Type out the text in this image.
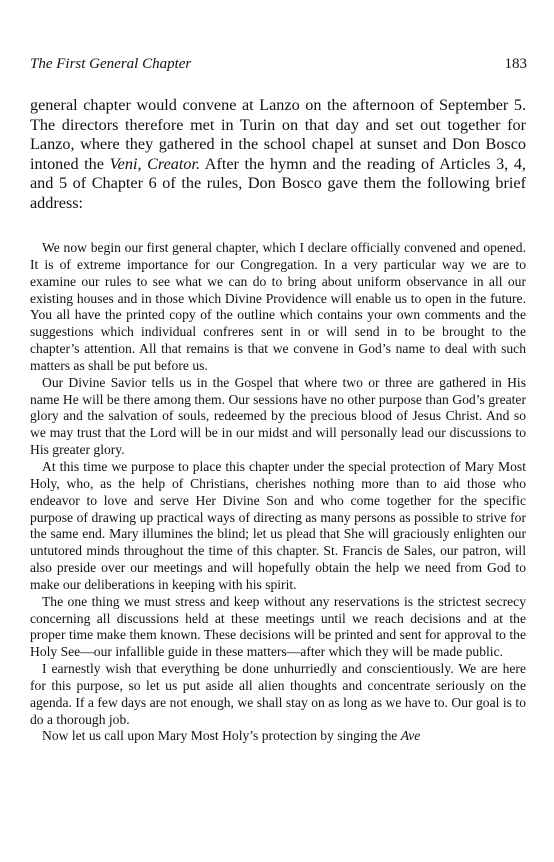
The First General Chapter	183

general chapter would convene at Lanzo on the afternoon of September 5. The directors therefore met in Turin on that day and set out together for Lanzo, where they gathered in the school chapel at sunset and Don Bosco intoned the Veni, Creator. After the hymn and the reading of Articles 3, 4, and 5 of Chapter 6 of the rules, Don Bosco gave them the following brief address:

We now begin our first general chapter, which I declare officially convened and opened. It is of extreme importance for our Congregation. In a very particular way we are to examine our rules to see what we can do to bring about uniform observance in all our existing houses and in those which Divine Providence will enable us to open in the future. You all have the printed copy of the outline which contains your own comments and the suggestions which individual confreres sent in or will send in to be brought to the chapter’s attention. All that remains is that we convene in God’s name to deal with such matters as shall be put before us.

Our Divine Savior tells us in the Gospel that where two or three are gathered in His name He will be there among them. Our sessions have no other purpose than God’s greater glory and the salvation of souls, redeemed by the precious blood of Jesus Christ. And so we may trust that the Lord will be in our midst and will personally lead our discussions to His greater glory.

At this time we purpose to place this chapter under the special protection of Mary Most Holy, who, as the help of Christians, cherishes nothing more than to aid those who endeavor to love and serve Her Divine Son and who come together for the specific purpose of drawing up practical ways of directing as many persons as possible to strive for the same end. Mary illumines the blind; let us plead that She will graciously enlighten our untutored minds throughout the time of this chapter. St. Francis de Sales, our patron, will also preside over our meetings and will hopefully obtain the help we need from God to make our deliberations in keeping with his spirit.

The one thing we must stress and keep without any reservations is the strictest secrecy concerning all discussions held at these meetings until we reach decisions and at the proper time make them known. These decisions will be printed and sent for approval to the Holy See—our infallible guide in these matters—after which they will be made public.

I earnestly wish that everything be done unhurriedly and conscientiously. We are here for this purpose, so let us put aside all alien thoughts and concentrate seriously on the agenda. If a few days are not enough, we shall stay on as long as we have to. Our goal is to do a thorough job.

Now let us call upon Mary Most Holy’s protection by singing the Ave
